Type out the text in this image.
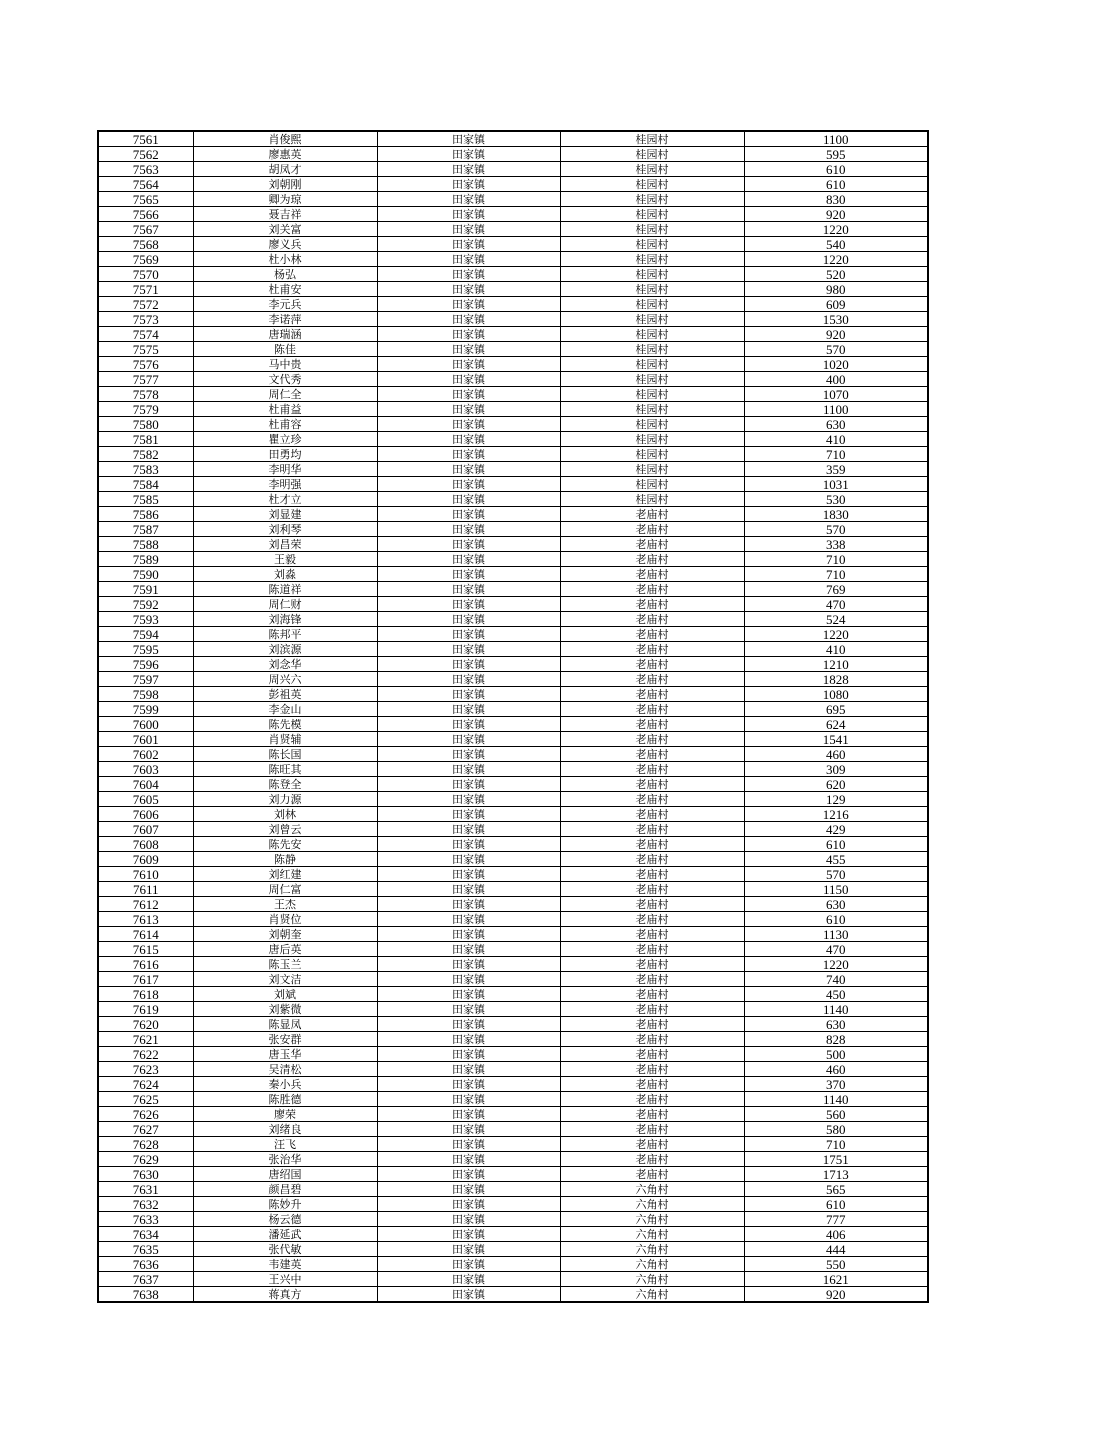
7561	肖俊熙	田家镇	桂园村	1100
7562	廖惠英	田家镇	桂园村	595
7563	胡凤才	田家镇	桂园村	610
7564	刘朝刚	田家镇	桂园村	610
7565	卿为琼	田家镇	桂园村	830
7566	聂吉祥	田家镇	桂园村	920
7567	刘关富	田家镇	桂园村	1220
7568	廖义兵	田家镇	桂园村	540
7569	杜小林	田家镇	桂园村	1220
7570	杨弘	田家镇	桂园村	520
7571	杜甫安	田家镇	桂园村	980
7572	李元兵	田家镇	桂园村	609
7573	李诺萍	田家镇	桂园村	1530
7574	唐瑞涵	田家镇	桂园村	920
7575	陈佳	田家镇	桂园村	570
7576	马中贵	田家镇	桂园村	1020
7577	文代秀	田家镇	桂园村	400
7578	周仁全	田家镇	桂园村	1070
7579	杜甫益	田家镇	桂园村	1100
7580	杜甫容	田家镇	桂园村	630
7581	瞿立珍	田家镇	桂园村	410
7582	田勇均	田家镇	桂园村	710
7583	李明华	田家镇	桂园村	359
7584	李明强	田家镇	桂园村	1031
7585	杜才立	田家镇	桂园村	530
7586	刘显建	田家镇	老庙村	1830
7587	刘利琴	田家镇	老庙村	570
7588	刘昌荣	田家镇	老庙村	338
7589	王毅	田家镇	老庙村	710
7590	刘淼	田家镇	老庙村	710
7591	陈道祥	田家镇	老庙村	769
7592	周仁财	田家镇	老庙村	470
7593	刘海锋	田家镇	老庙村	524
7594	陈邦平	田家镇	老庙村	1220
7595	刘滨源	田家镇	老庙村	410
7596	刘念华	田家镇	老庙村	1210
7597	周兴六	田家镇	老庙村	1828
7598	彭祖英	田家镇	老庙村	1080
7599	李金山	田家镇	老庙村	695
7600	陈先模	田家镇	老庙村	624
7601	肖贤辅	田家镇	老庙村	1541
7602	陈长国	田家镇	老庙村	460
7603	陈旺其	田家镇	老庙村	309
7604	陈登全	田家镇	老庙村	620
7605	刘力源	田家镇	老庙村	129
7606	刘林	田家镇	老庙村	1216
7607	刘曾云	田家镇	老庙村	429
7608	陈先安	田家镇	老庙村	610
7609	陈静	田家镇	老庙村	455
7610	刘红建	田家镇	老庙村	570
7611	周仁富	田家镇	老庙村	1150
7612	王杰	田家镇	老庙村	630
7613	肖贤位	田家镇	老庙村	610
7614	刘朝奎	田家镇	老庙村	1130
7615	唐后英	田家镇	老庙村	470
7616	陈玉兰	田家镇	老庙村	1220
7617	刘文洁	田家镇	老庙村	740
7618	刘斌	田家镇	老庙村	450
7619	刘紫微	田家镇	老庙村	1140
7620	陈显凤	田家镇	老庙村	630
7621	张安群	田家镇	老庙村	828
7622	唐玉华	田家镇	老庙村	500
7623	吴清松	田家镇	老庙村	460
7624	秦小兵	田家镇	老庙村	370
7625	陈胜德	田家镇	老庙村	1140
7626	廖荣	田家镇	老庙村	560
7627	刘绪良	田家镇	老庙村	580
7628	汪飞	田家镇	老庙村	710
7629	张治华	田家镇	老庙村	1751
7630	唐绍国	田家镇	老庙村	1713
7631	颜昌碧	田家镇	六角村	565
7632	陈妙升	田家镇	六角村	610
7633	杨云德	田家镇	六角村	777
7634	潘延武	田家镇	六角村	406
7635	张代敏	田家镇	六角村	444
7636	韦建英	田家镇	六角村	550
7637	王兴中	田家镇	六角村	1621
7638	蒋真方	田家镇	六角村	920
